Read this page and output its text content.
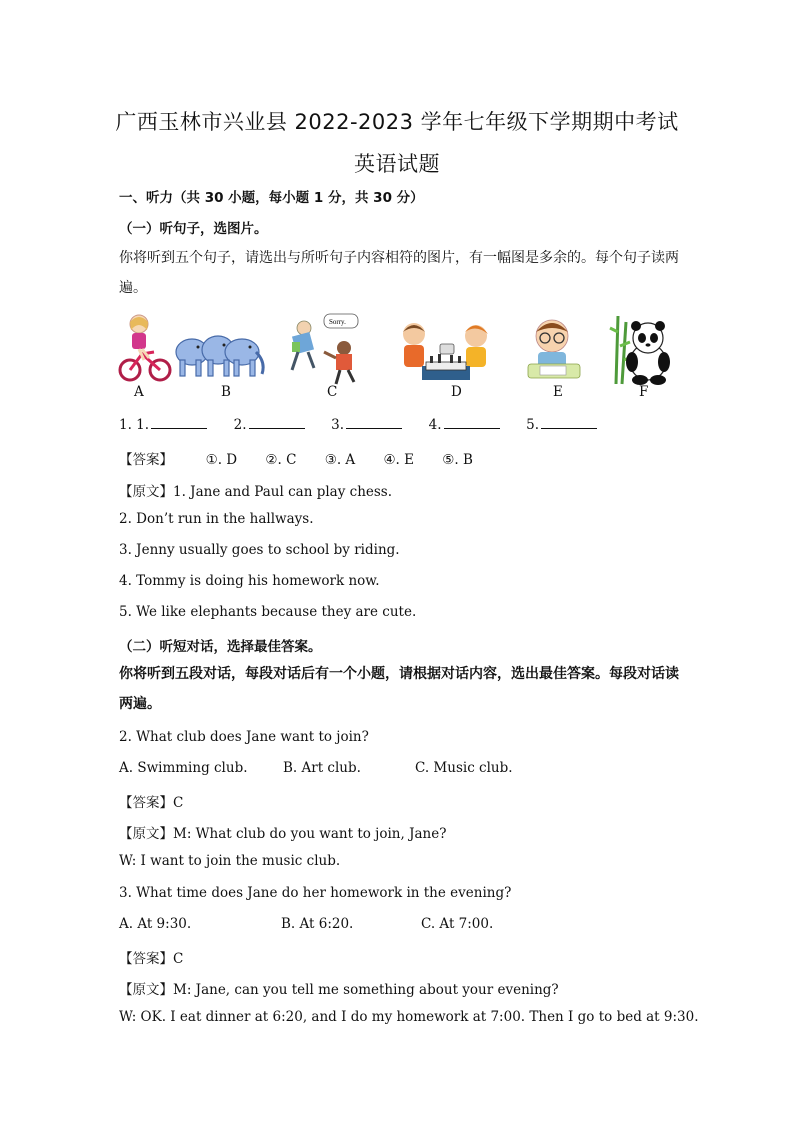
广西玉林市兴业县 2022-2023 学年七年级下学期期中考试
英语试题
一、听力（共 30 小题，每小题 1 分，共 30 分）
（一）听句子，选图片。
你将听到五个句子，请选出与所听句子内容相符的图片，有一幅图是多余的。每个句子读两遍。
Sorry.
A	B	C	D	E	F
1. 1.	2.	3.	4.	5.
【答案】 ①. D ②. C ③. A ④. E ⑤. B
【原文】1. Jane and Paul can play chess.
2. Don’t run in the hallways.
3. Jenny usually goes to school by riding.
4. Tommy is doing his homework now.
5. We like elephants because they are cute.
（二）听短对话，选择最佳答案。
你将听到五段对话，每段对话后有一个小题，请根据对话内容，选出最佳答案。每段对话读两遍。
2. What club does Jane want to join?
A. Swimming club.	B. Art club.	C. Music club.
【答案】C
【原文】M: What club do you want to join, Jane?
W: I want to join the music club.
3. What time does Jane do her homework in the evening?
A. At 9:30.	B. At 6:20.	C. At 7:00.
【答案】C
【原文】M: Jane, can you tell me something about your evening?
W: OK. I eat dinner at 6:20, and I do my homework at 7:00. Then I go to bed at 9:30.
